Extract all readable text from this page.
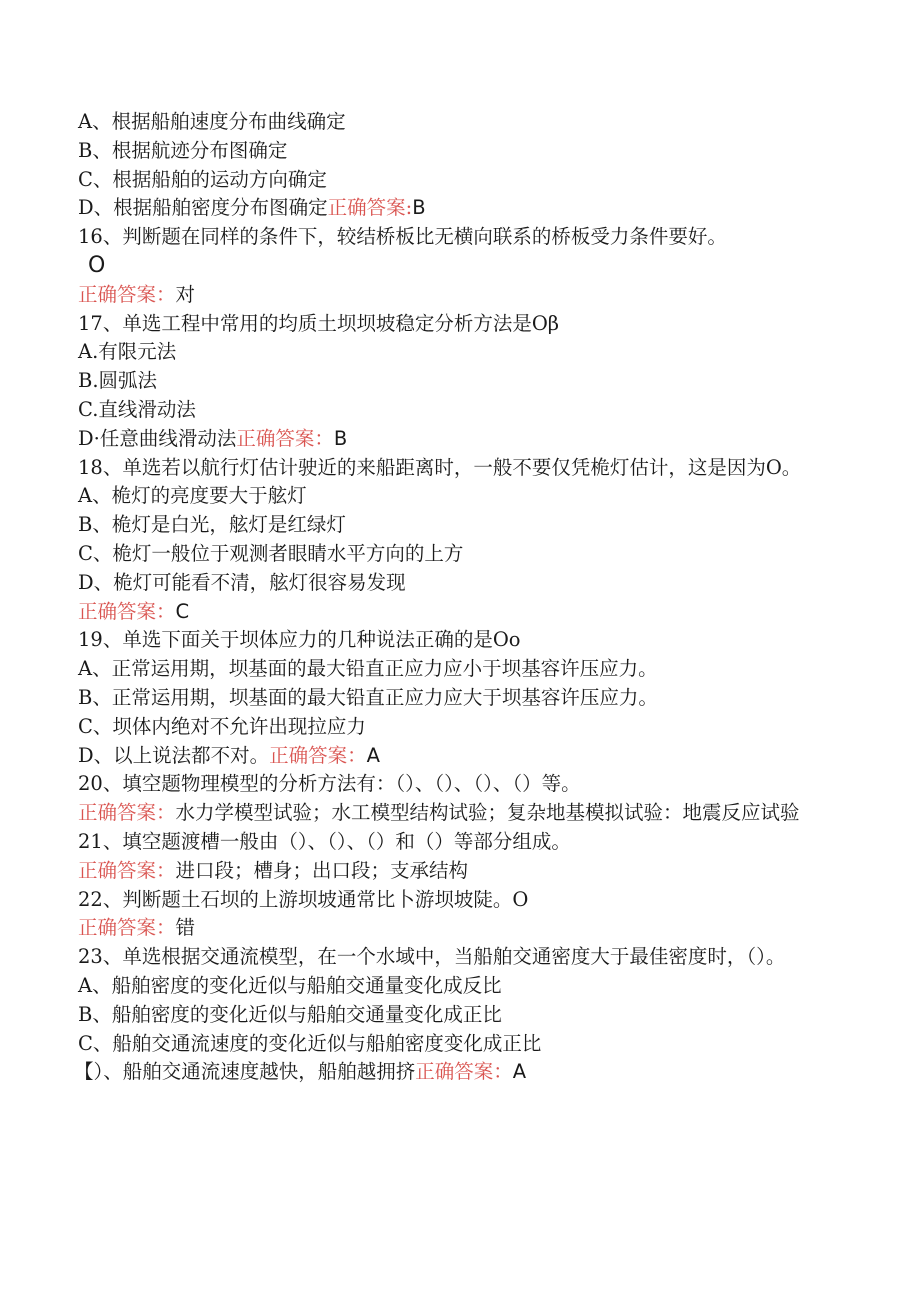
A、根据船舶速度分布曲线确定
B、根据航迹分布图确定
C、根据船舶的运动方向确定
D、根据船舶密度分布图确定正确答案:B
16、判断题在同样的条件下，较结桥板比无横向联系的桥板受力条件要好。
O
正确答案：对
17、单选工程中常用的均质土坝坝坡稳定分析方法是Oβ
A.有限元法
B.圆弧法
C.直线滑动法
D·任意曲线滑动法正确答案：B
18、单选若以航行灯估计驶近的来船距离时，一般不要仅凭桅灯估计，这是因为O。
A、桅灯的亮度要大于舷灯
B、桅灯是白光，舷灯是红绿灯
C、桅灯一般位于观测者眼睛水平方向的上方
D、桅灯可能看不清，舷灯很容易发现
正确答案：C
19、单选下面关于坝体应力的几种说法正确的是Oo
A、正常运用期，坝基面的最大铅直正应力应小于坝基容许压应力。
B、正常运用期，坝基面的最大铅直正应力应大于坝基容许压应力。
C、坝体内绝对不允许出现拉应力
D、以上说法都不对。正确答案：A
20、填空题物理模型的分析方法有：（）、（）、（）、（）等。
正确答案：水力学模型试验；水工模型结构试验；复杂地基模拟试验：地震反应试验
21、填空题渡槽一般由（）、（）、（）和（）等部分组成。
正确答案：进口段；槽身；出口段；支承结构
22、判断题土石坝的上游坝坡通常比卜游坝坡陡。O
正确答案：错
23、单选根据交通流模型，在一个水域中，当船舶交通密度大于最佳密度时，（）。
A、船舶密度的变化近似与船舶交通量变化成反比
B、船舶密度的变化近似与船舶交通量变化成正比
C、船舶交通流速度的变化近似与船舶密度变化成正比
【）、船舶交通流速度越快，船舶越拥挤正确答案：A
